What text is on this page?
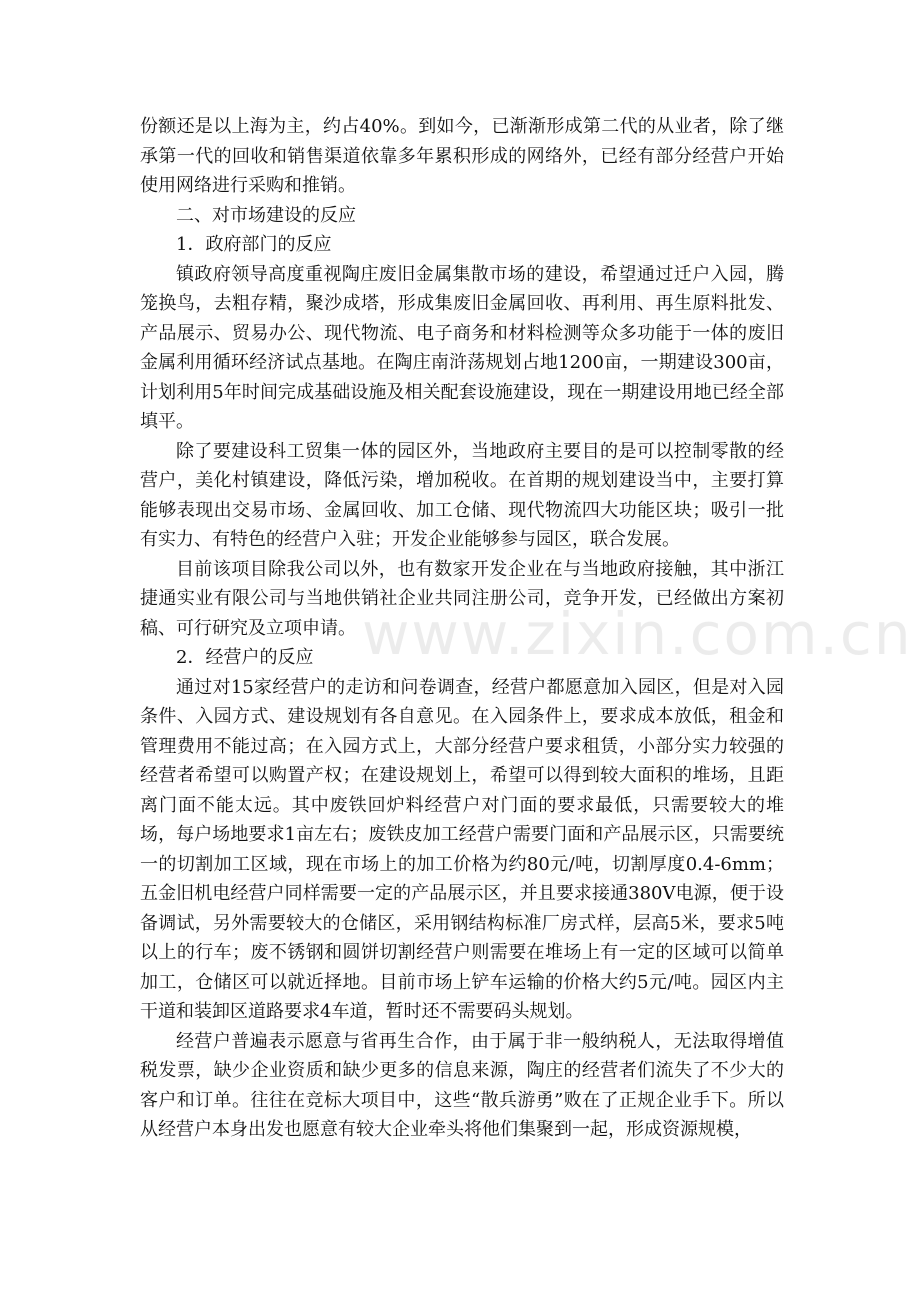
www.zixin.com.cn

份额还是以上海为主，约占40%。到如今，已渐渐形成第二代的从业者，除了继承第一代的回收和销售渠道依靠多年累积形成的网络外，已经有部分经营户开始使用网络进行采购和推销。

二、对市场建设的反应

1．政府部门的反应

镇政府领导高度重视陶庄废旧金属集散市场的建设，希望通过迁户入园，腾笼换鸟，去粗存精，聚沙成塔，形成集废旧金属回收、再利用、再生原料批发、产品展示、贸易办公、现代物流、电子商务和材料检测等众多功能于一体的废旧金属利用循环经济试点基地。在陶庄南浒荡规划占地1200亩，一期建设300亩，计划利用5年时间完成基础设施及相关配套设施建设，现在一期建设用地已经全部填平。

除了要建设科工贸集一体的园区外，当地政府主要目的是可以控制零散的经营户，美化村镇建设，降低污染，增加税收。在首期的规划建设当中，主要打算能够表现出交易市场、金属回收、加工仓储、现代物流四大功能区块；吸引一批有实力、有特色的经营户入驻；开发企业能够参与园区，联合发展。

目前该项目除我公司以外，也有数家开发企业在与当地政府接触，其中浙江捷通实业有限公司与当地供销社企业共同注册公司，竞争开发，已经做出方案初稿、可行研究及立项申请。

2．经营户的反应

通过对15家经营户的走访和问卷调查，经营户都愿意加入园区，但是对入园条件、入园方式、建设规划有各自意见。在入园条件上，要求成本放低，租金和管理费用不能过高；在入园方式上，大部分经营户要求租赁，小部分实力较强的经营者希望可以购置产权；在建设规划上，希望可以得到较大面积的堆场，且距离门面不能太远。其中废铁回炉料经营户对门面的要求最低，只需要较大的堆场，每户场地要求1亩左右；废铁皮加工经营户需要门面和产品展示区，只需要统一的切割加工区域，现在市场上的加工价格为约80元/吨，切割厚度0.4-6mm；五金旧机电经营户同样需要一定的产品展示区，并且要求接通380V电源，便于设备调试，另外需要较大的仓储区，采用钢结构标准厂房式样，层高5米，要求5吨以上的行车；废不锈钢和圆饼切割经营户则需要在堆场上有一定的区域可以简单加工，仓储区可以就近择地。目前市场上铲车运输的价格大约5元/吨。园区内主干道和装卸区道路要求4车道，暂时还不需要码头规划。

经营户普遍表示愿意与省再生合作，由于属于非一般纳税人，无法取得增值税发票，缺少企业资质和缺少更多的信息来源，陶庄的经营者们流失了不少大的客户和订单。往往在竞标大项目中，这些“散兵游勇”败在了正规企业手下。所以从经营户本身出发也愿意有较大企业牵头将他们集聚到一起，形成资源规模，
